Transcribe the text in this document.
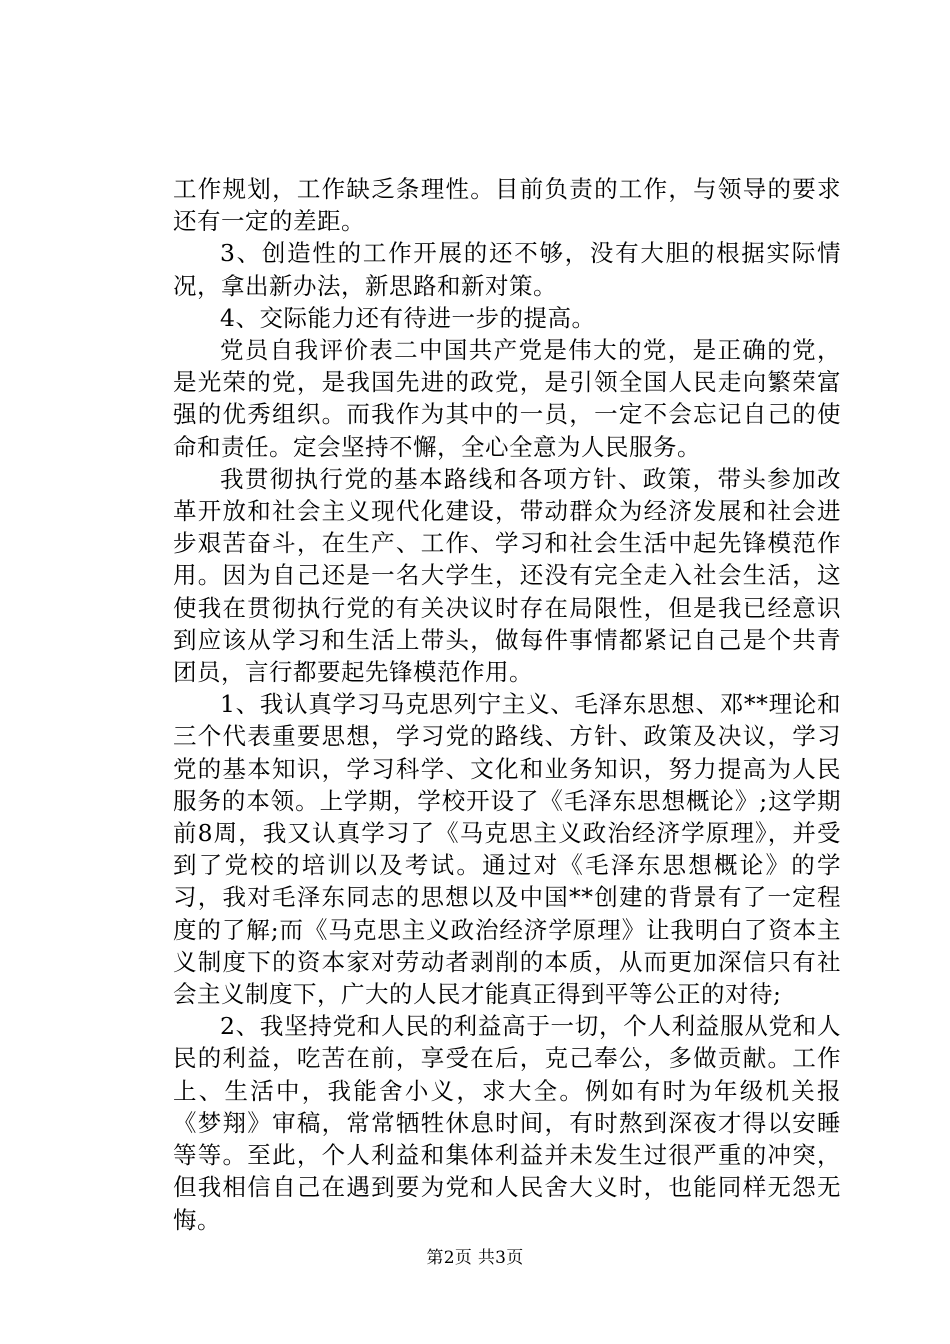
工作规划，工作缺乏条理性。目前负责的工作，与领导的要求还有一定的差距。

3、创造性的工作开展的还不够，没有大胆的根据实际情况，拿出新办法，新思路和新对策。

4、交际能力还有待进一步的提高。

党员自我评价表二中国共产党是伟大的党，是正确的党，是光荣的党，是我国先进的政党，是引领全国人民走向繁荣富强的优秀组织。而我作为其中的一员，一定不会忘记自己的使命和责任。定会坚持不懈，全心全意为人民服务。

我贯彻执行党的基本路线和各项方针、政策，带头参加改革开放和社会主义现代化建设，带动群众为经济发展和社会进步艰苦奋斗，在生产、工作、学习和社会生活中起先锋模范作用。因为自己还是一名大学生，还没有完全走入社会生活，这使我在贯彻执行党的有关决议时存在局限性，但是我已经意识到应该从学习和生活上带头，做每件事情都紧记自己是个共青团员，言行都要起先锋模范作用。

1、我认真学习马克思列宁主义、毛泽东思想、邓**理论和三个代表重要思想，学习党的路线、方针、政策及决议，学习党的基本知识，学习科学、文化和业务知识，努力提高为人民服务的本领。上学期，学校开设了《毛泽东思想概论》;这学期前8周，我又认真学习了《马克思主义政治经济学原理》，并受到了党校的培训以及考试。通过对《毛泽东思想概论》的学习，我对毛泽东同志的思想以及中国**创建的背景有了一定程度的了解;而《马克思主义政治经济学原理》让我明白了资本主义制度下的资本家对劳动者剥削的本质，从而更加深信只有社会主义制度下，广大的人民才能真正得到平等公正的对待;

2、我坚持党和人民的利益高于一切，个人利益服从党和人民的利益，吃苦在前，享受在后，克己奉公，多做贡献。工作上、生活中，我能舍小义，求大全。例如有时为年级机关报《梦翔》审稿，常常牺牲休息时间，有时熬到深夜才得以安睡等等。至此，个人利益和集体利益并未发生过很严重的冲突，但我相信自己在遇到要为党和人民舍大义时，也能同样无怨无悔。

第2页 共3页
